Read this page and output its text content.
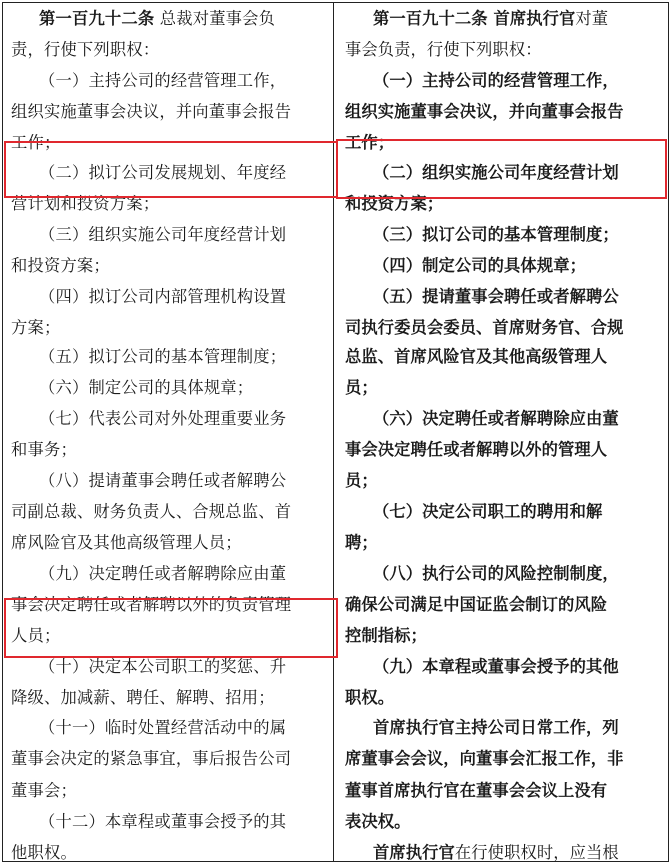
第一百九十二条 总裁对董事会负
责，行使下列职权：
（一）主持公司的经营管理工作，
组织实施董事会决议，并向董事会报告
工作；
（二）拟订公司发展规划、年度经
营计划和投资方案；
（三）组织实施公司年度经营计划
和投资方案；
（四）拟订公司内部管理机构设置
方案；
（五）拟订公司的基本管理制度；
（六）制定公司的具体规章；
（七）代表公司对外处理重要业务
和事务；
（八）提请董事会聘任或者解聘公
司副总裁、财务负责人、合规总监、首
席风险官及其他高级管理人员；
（九）决定聘任或者解聘除应由董
事会决定聘任或者解聘以外的负责管理
人员；
（十）决定本公司职工的奖惩、升
降级、加减薪、聘任、解聘、招用；
（十一）临时处置经营活动中的属
董事会决定的紧急事宜，事后报告公司
董事会；
（十二）本章程或董事会授予的其
他职权。
第一百九十二条 首席执行官对董
事会负责，行使下列职权：
（一）主持公司的经营管理工作，
组织实施董事会决议，并向董事会报告
工作；
（二）组织实施公司年度经营计划
和投资方案；
（三）拟订公司的基本管理制度；
（四）制定公司的具体规章；
（五）提请董事会聘任或者解聘公
司执行委员会委员、首席财务官、合规
总监、首席风险官及其他高级管理人
员；
（六）决定聘任或者解聘除应由董
事会决定聘任或者解聘以外的管理人
员；
（七）决定公司职工的聘用和解
聘；
（八）执行公司的风险控制制度，
确保公司满足中国证监会制订的风险
控制指标；
（九）本章程或董事会授予的其他
职权。
首席执行官主持公司日常工作，列
席董事会会议，向董事会汇报工作，非
董事首席执行官在董事会会议上没有
表决权。
首席执行官在行使职权时，应当根
